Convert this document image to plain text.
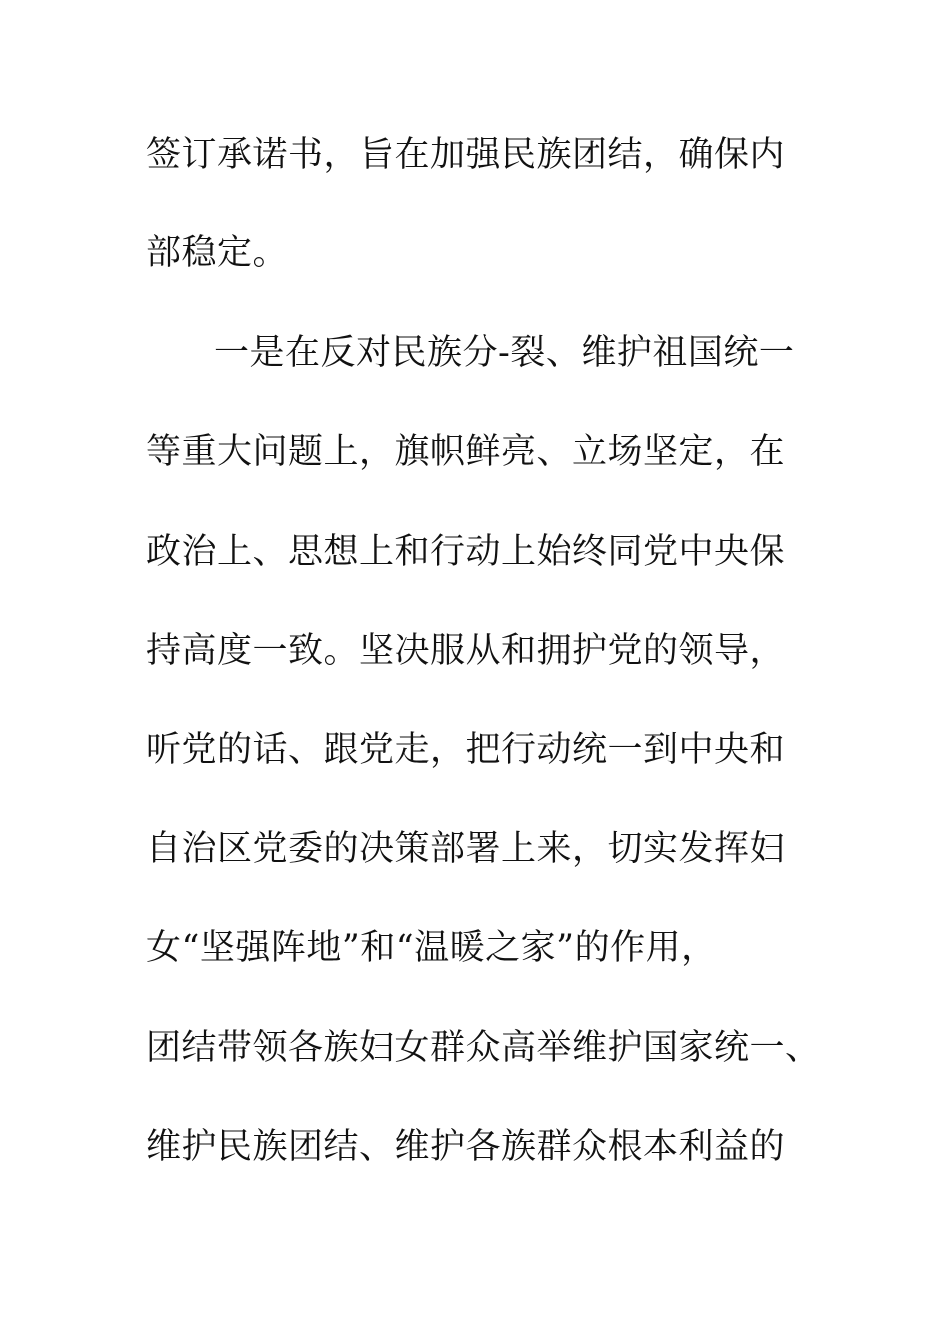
签订承诺书，旨在加强民族团结，确保内
部稳定。
一是在反对民族分-裂、维护祖国统一
等重大问题上，旗帜鲜亮、立场坚定，在
政治上、思想上和行动上始终同党中央保
持高度一致。坚决服从和拥护党的领导，
听党的话、跟党走，把行动统一到中央和
自治区党委的决策部署上来，切实发挥妇
女“坚强阵地”和“温暖之家”的作用，
团结带领各族妇女群众高举维护国家统一、
维护民族团结、维护各族群众根本利益的
